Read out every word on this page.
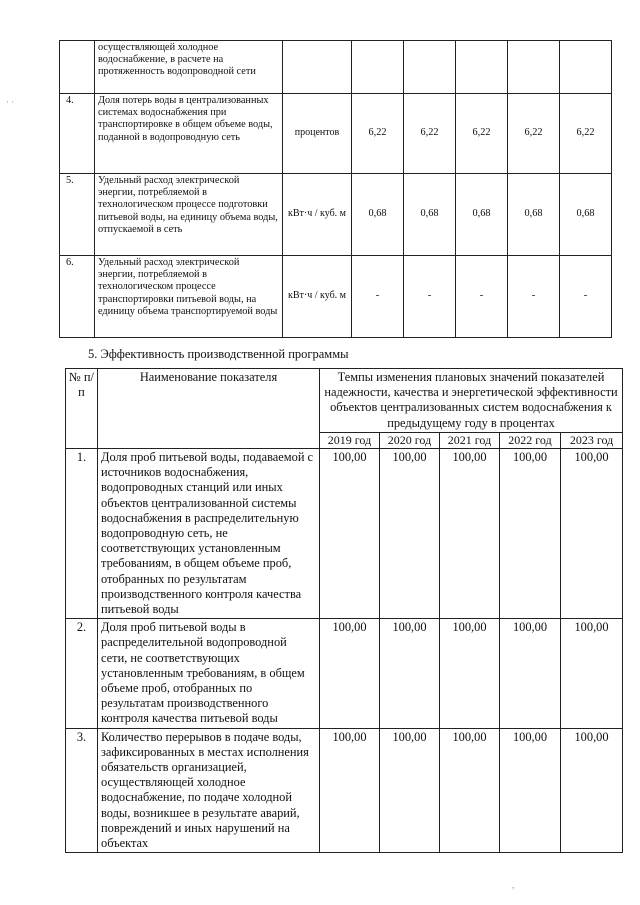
· ·
	осуществляющей холодное водоснабжение, в расчете на протяженность водопроводной сети						
4.	Доля потерь воды в централизованных системах водоснабжения при транспортировке в общем объеме воды, поданной в водопроводную сеть	процентов	6,22	6,22	6,22	6,22	6,22
5.	Удельный расход электрической энергии, потребляемой в технологическом процессе подготовки питьевой воды, на единицу объема воды, отпускаемой в сеть	кВт·ч / куб. м	0,68	0,68	0,68	0,68	0,68
6.	Удельный расход электрической энергии, потребляемой в технологическом процессе транспортировки питьевой воды, на единицу объема транспортируемой воды	кВт·ч / куб. м	-	-	-	-	-
5. Эффективность производственной программы
№ п/п	Наименование показателя	Темпы изменения плановых значений показателей надежности, качества и энергетической эффективности объектов централизованных систем водоснабжения к предыдущему году в процентах				
		2019 год	2020 год	2021 год	2022 год	2023 год
1.	Доля проб питьевой воды, подаваемой с источников водоснабжения, водопроводных станций или иных объектов централизованной системы водоснабжения в распределительную водопроводную сеть, не соответствующих установленным требованиям, в общем объеме проб, отобранных по результатам производственного контроля качества питьевой воды	100,00	100,00	100,00	100,00	100,00
2.	Доля проб питьевой воды в распределительной водопроводной сети, не соответствующих установленным требованиям, в общем объеме проб, отобранных по результатам производственного контроля качества питьевой воды	100,00	100,00	100,00	100,00	100,00
3.	Количество перерывов в подаче воды, зафиксированных в местах исполнения обязательств организацией, осуществляющей холодное водоснабжение, по подаче холодной воды, возникшее в результате аварий, повреждений и иных нарушений на объектах	100,00	100,00	100,00	100,00	100,00
,
